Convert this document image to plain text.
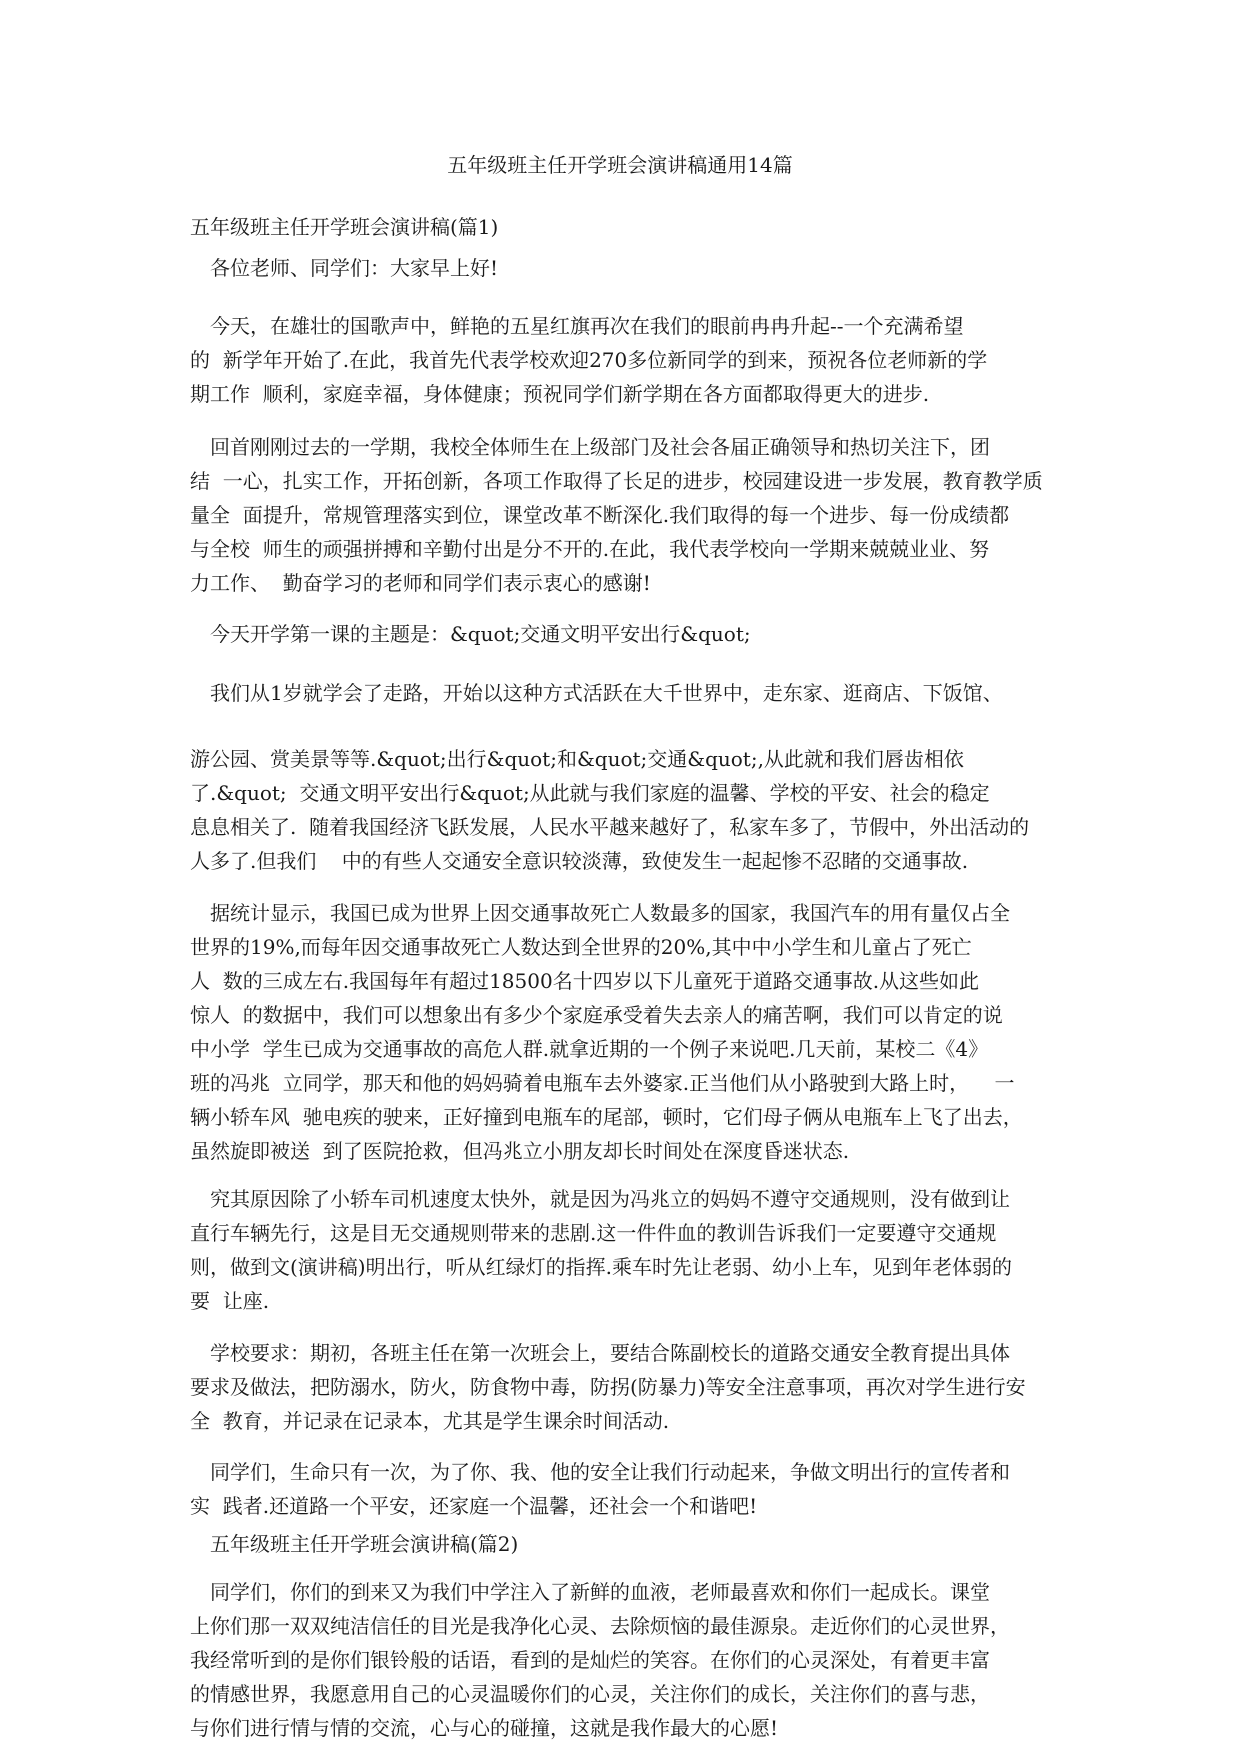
五年级班主任开学班会演讲稿通用14篇
五年级班主任开学班会演讲稿(篇1)

　各位老师、同学们：大家早上好!

　今天，在雄壮的国歌声中，鲜艳的五星红旗再次在我们的眼前冉冉升起--一个充满希望
的  新学年开始了.在此，我首先代表学校欢迎270多位新同学的到来，预祝各位老师新的学
期工作  顺利，家庭幸福，身体健康；预祝同学们新学期在各方面都取得更大的进步.

　回首刚刚过去的一学期，我校全体师生在上级部门及社会各届正确领导和热切关注下，团
结  一心，扎实工作，开拓创新，各项工作取得了长足的进步，校园建设进一步发展，教育教学质
量全  面提升，常规管理落实到位，课堂改革不断深化.我们取得的每一个进步、每一份成绩都
与全校  师生的顽强拼搏和辛勤付出是分不开的.在此，我代表学校向一学期来兢兢业业、努
力工作、  勤奋学习的老师和同学们表示衷心的感谢!

　今天开学第一课的主题是：&quot;交通文明平安出行&quot;

　我们从1岁就学会了走路，开始以这种方式活跃在大千世界中，走东家、逛商店、下饭馆、

游公园、赏美景等等.&quot;出行&quot;和&quot;交通&quot;,从此就和我们唇齿相依
了.&quot;  交通文明平安出行&quot;从此就与我们家庭的温馨、学校的平安、社会的稳定
息息相关了.  随着我国经济飞跃发展，人民水平越来越好了，私家车多了，节假中，外出活动的
人多了.但我们    中的有些人交通安全意识较淡薄，致使发生一起起惨不忍睹的交通事故.

　据统计显示，我国已成为世界上因交通事故死亡人数最多的国家，我国汽车的用有量仅占全
世界的19%,而每年因交通事故死亡人数达到全世界的20%,其中中小学生和儿童占了死亡
人  数的三成左右.我国每年有超过18500名十四岁以下儿童死于道路交通事故.从这些如此
惊人  的数据中，我们可以想象出有多少个家庭承受着失去亲人的痛苦啊，我们可以肯定的说
中小学  学生已成为交通事故的高危人群.就拿近期的一个例子来说吧.几天前，某校二《4》
班的冯兆  立同学，那天和他的妈妈骑着电瓶车去外婆家.正当他们从小路驶到大路上时，    一
辆小轿车风  驰电疾的驶来，正好撞到电瓶车的尾部，顿时，它们母子俩从电瓶车上飞了出去，
虽然旋即被送  到了医院抢救，但冯兆立小朋友却长时间处在深度昏迷状态.

　究其原因除了小轿车司机速度太快外，就是因为冯兆立的妈妈不遵守交通规则，没有做到让
直行车辆先行，这是目无交通规则带来的悲剧.这一件件血的教训告诉我们一定要遵守交通规
则，做到文(演讲稿)明出行，听从红绿灯的指挥.乘车时先让老弱、幼小上车，见到年老体弱的
要  让座.

　学校要求：期初，各班主任在第一次班会上，要结合陈副校长的道路交通安全教育提出具体
要求及做法，把防溺水，防火，防食物中毒，防拐(防暴力)等安全注意事项，再次对学生进行安
全  教育，并记录在记录本，尤其是学生课余时间活动.

　同学们，生命只有一次，为了你、我、他的安全让我们行动起来，争做文明出行的宣传者和
实  践者.还道路一个平安，还家庭一个温馨，还社会一个和谐吧!

　五年级班主任开学班会演讲稿(篇2)

　同学们，你们的到来又为我们中学注入了新鲜的血液，老师最喜欢和你们一起成长。课堂
上你们那一双双纯洁信任的目光是我净化心灵、去除烦恼的最佳源泉。走近你们的心灵世界，
我经常听到的是你们银铃般的话语，看到的是灿烂的笑容。在你们的心灵深处，有着更丰富
的情感世界，我愿意用自己的心灵温暖你们的心灵，关注你们的成长，关注你们的喜与悲，
与你们进行情与情的交流，心与心的碰撞，这就是我作最大的心愿!
